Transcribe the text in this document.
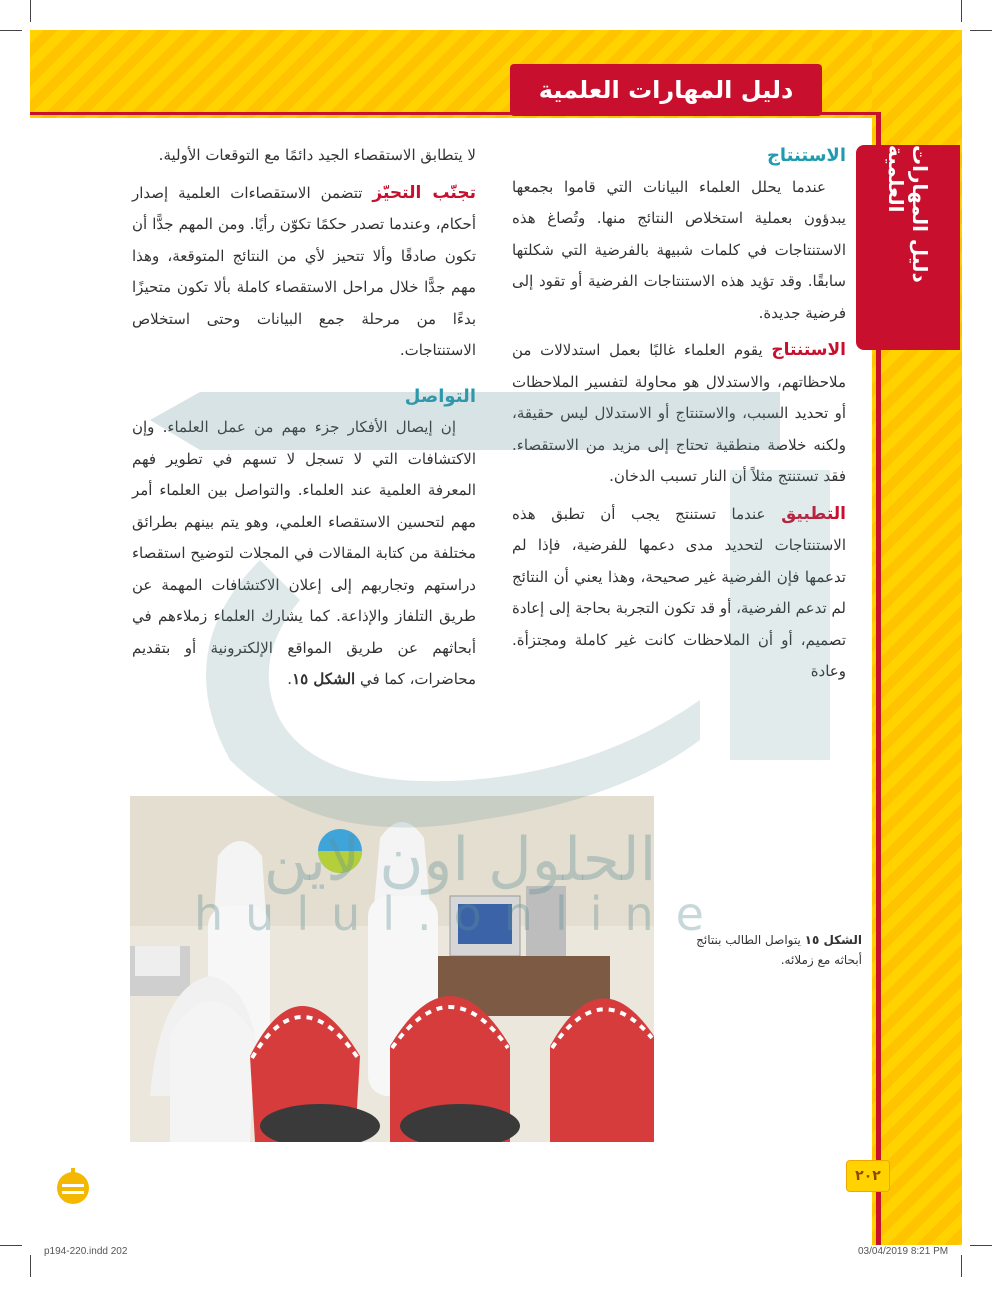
دليل المهارات العلمية
دليل المهارات العلمية

الاستنتاج

عندما يحلل العلماء البيانات التي قاموا بجمعها يبدؤون بعملية استخلاص النتائج منها. وتُصاغ هذه الاستنتاجات في كلمات شبيهة بالفرضية التي شكلتها سابقًا. وقد تؤيد هذه الاستنتاجات الفرضية أو تقود إلى فرضية جديدة.

الاستنتاج يقوم العلماء غالبًا بعمل استدلالات من ملاحظاتهم، والاستدلال هو محاولة لتفسير الملاحظات أو تحديد السبب، والاستنتاج أو الاستدلال ليس حقيقة، ولكنه خلاصة منطقية تحتاج إلى مزيد من الاستقصاء. فقد تستنتج مثلاً أن النار تسبب الدخان.

التطبيق عندما تستنتج يجب أن تطبق هذه الاستنتاجات لتحديد مدى دعمها للفرضية، فإذا لم تدعمها فإن الفرضية غير صحيحة، وهذا يعني أن النتائج لم تدعم الفرضية، أو قد تكون التجربة بحاجة إلى إعادة تصميم، أو أن الملاحظات كانت غير كاملة ومجتزأة. وعادة

لا يتطابق الاستقصاء الجيد دائمًا مع التوقعات الأولية.

تجنّب التحيّز تتضمن الاستقصاءات العلمية إصدار أحكام، وعندما تصدر حكمًا تكوّن رأيًا. ومن المهم جدًّا أن تكون صادقًا وألا تتحيز لأي من النتائج المتوقعة، وهذا مهم جدًّا خلال مراحل الاستقصاء كاملة بألا تكون متحيزًا بدءًا من مرحلة جمع البيانات وحتى استخلاص الاستنتاجات.

التواصل

إن إيصال الأفكار جزء مهم من عمل العلماء. وإن الاكتشافات التي لا تسجل لا تسهم في تطوير فهم المعرفة العلمية عند العلماء. والتواصل بين العلماء أمر مهم لتحسين الاستقصاء العلمي، وهو يتم بينهم بطرائق مختلفة من كتابة المقالات في المجلات لتوضيح استقصاء دراستهم وتجاربهم إلى إعلان الاكتشافات المهمة عن طريق التلفاز والإذاعة. كما يشارك العلماء زملاءهم في أبحاثهم عن طريق المواقع الإلكترونية أو بتقديم محاضرات، كما في الشكل ١٥.

الشكل ١٥ يتواصل الطالب بنتائج أبحاثه مع زملائه.
الحلول اون لاين
hulul.online
٢٠٢
p194-220.indd 202	03/04/2019 8:21 PM
